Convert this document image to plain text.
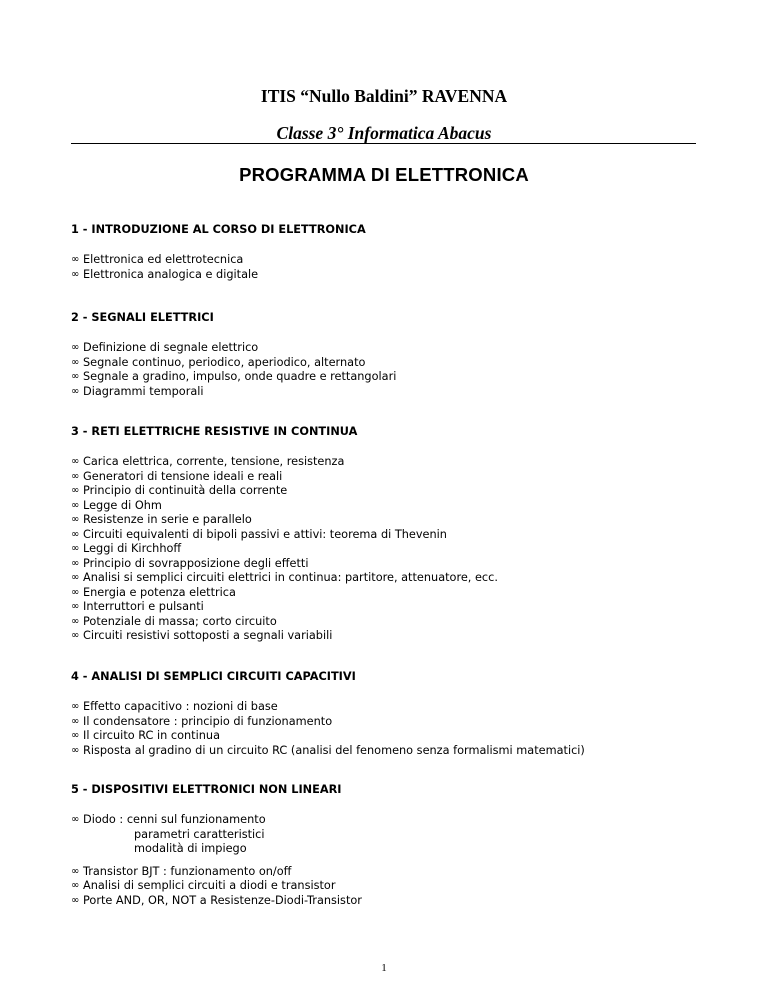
ITIS “Nullo Baldini” RAVENNA
Classe 3° Informatica Abacus
PROGRAMMA DI ELETTRONICA
1 - INTRODUZIONE AL CORSO DI ELETTRONICA
∞ Elettronica ed elettrotecnica
∞ Elettronica analogica e digitale
2 - SEGNALI ELETTRICI
∞ Definizione di segnale elettrico
∞ Segnale continuo, periodico, aperiodico, alternato
∞ Segnale a gradino, impulso, onde quadre e rettangolari
∞ Diagrammi temporali
3 - RETI ELETTRICHE RESISTIVE IN CONTINUA
∞ Carica elettrica, corrente, tensione, resistenza
∞ Generatori di tensione ideali e reali
∞ Principio di continuità della corrente
∞ Legge di Ohm
∞ Resistenze in serie e parallelo
∞ Circuiti equivalenti di bipoli passivi e attivi: teorema di Thevenin
∞ Leggi di Kirchhoff
∞ Principio di sovrapposizione degli effetti
∞ Analisi si semplici circuiti elettrici in continua: partitore, attenuatore, ecc.
∞ Energia e potenza elettrica
∞ Interruttori e pulsanti
∞ Potenziale di massa; corto circuito
∞ Circuiti resistivi sottoposti a segnali variabili
4 - ANALISI DI SEMPLICI CIRCUITI CAPACITIVI
∞ Effetto capacitivo : nozioni di base
∞ Il condensatore : principio di funzionamento
∞ Il circuito RC in continua
∞ Risposta al gradino di un circuito RC (analisi del fenomeno senza formalismi matematici)
5 - DISPOSITIVI ELETTRONICI NON LINEARI
∞ Diodo : cenni sul funzionamento
parametri caratteristici
modalità di impiego
∞ Transistor BJT : funzionamento on/off
∞ Analisi di semplici circuiti a diodi e transistor
∞ Porte AND, OR, NOT a Resistenze-Diodi-Transistor
1
